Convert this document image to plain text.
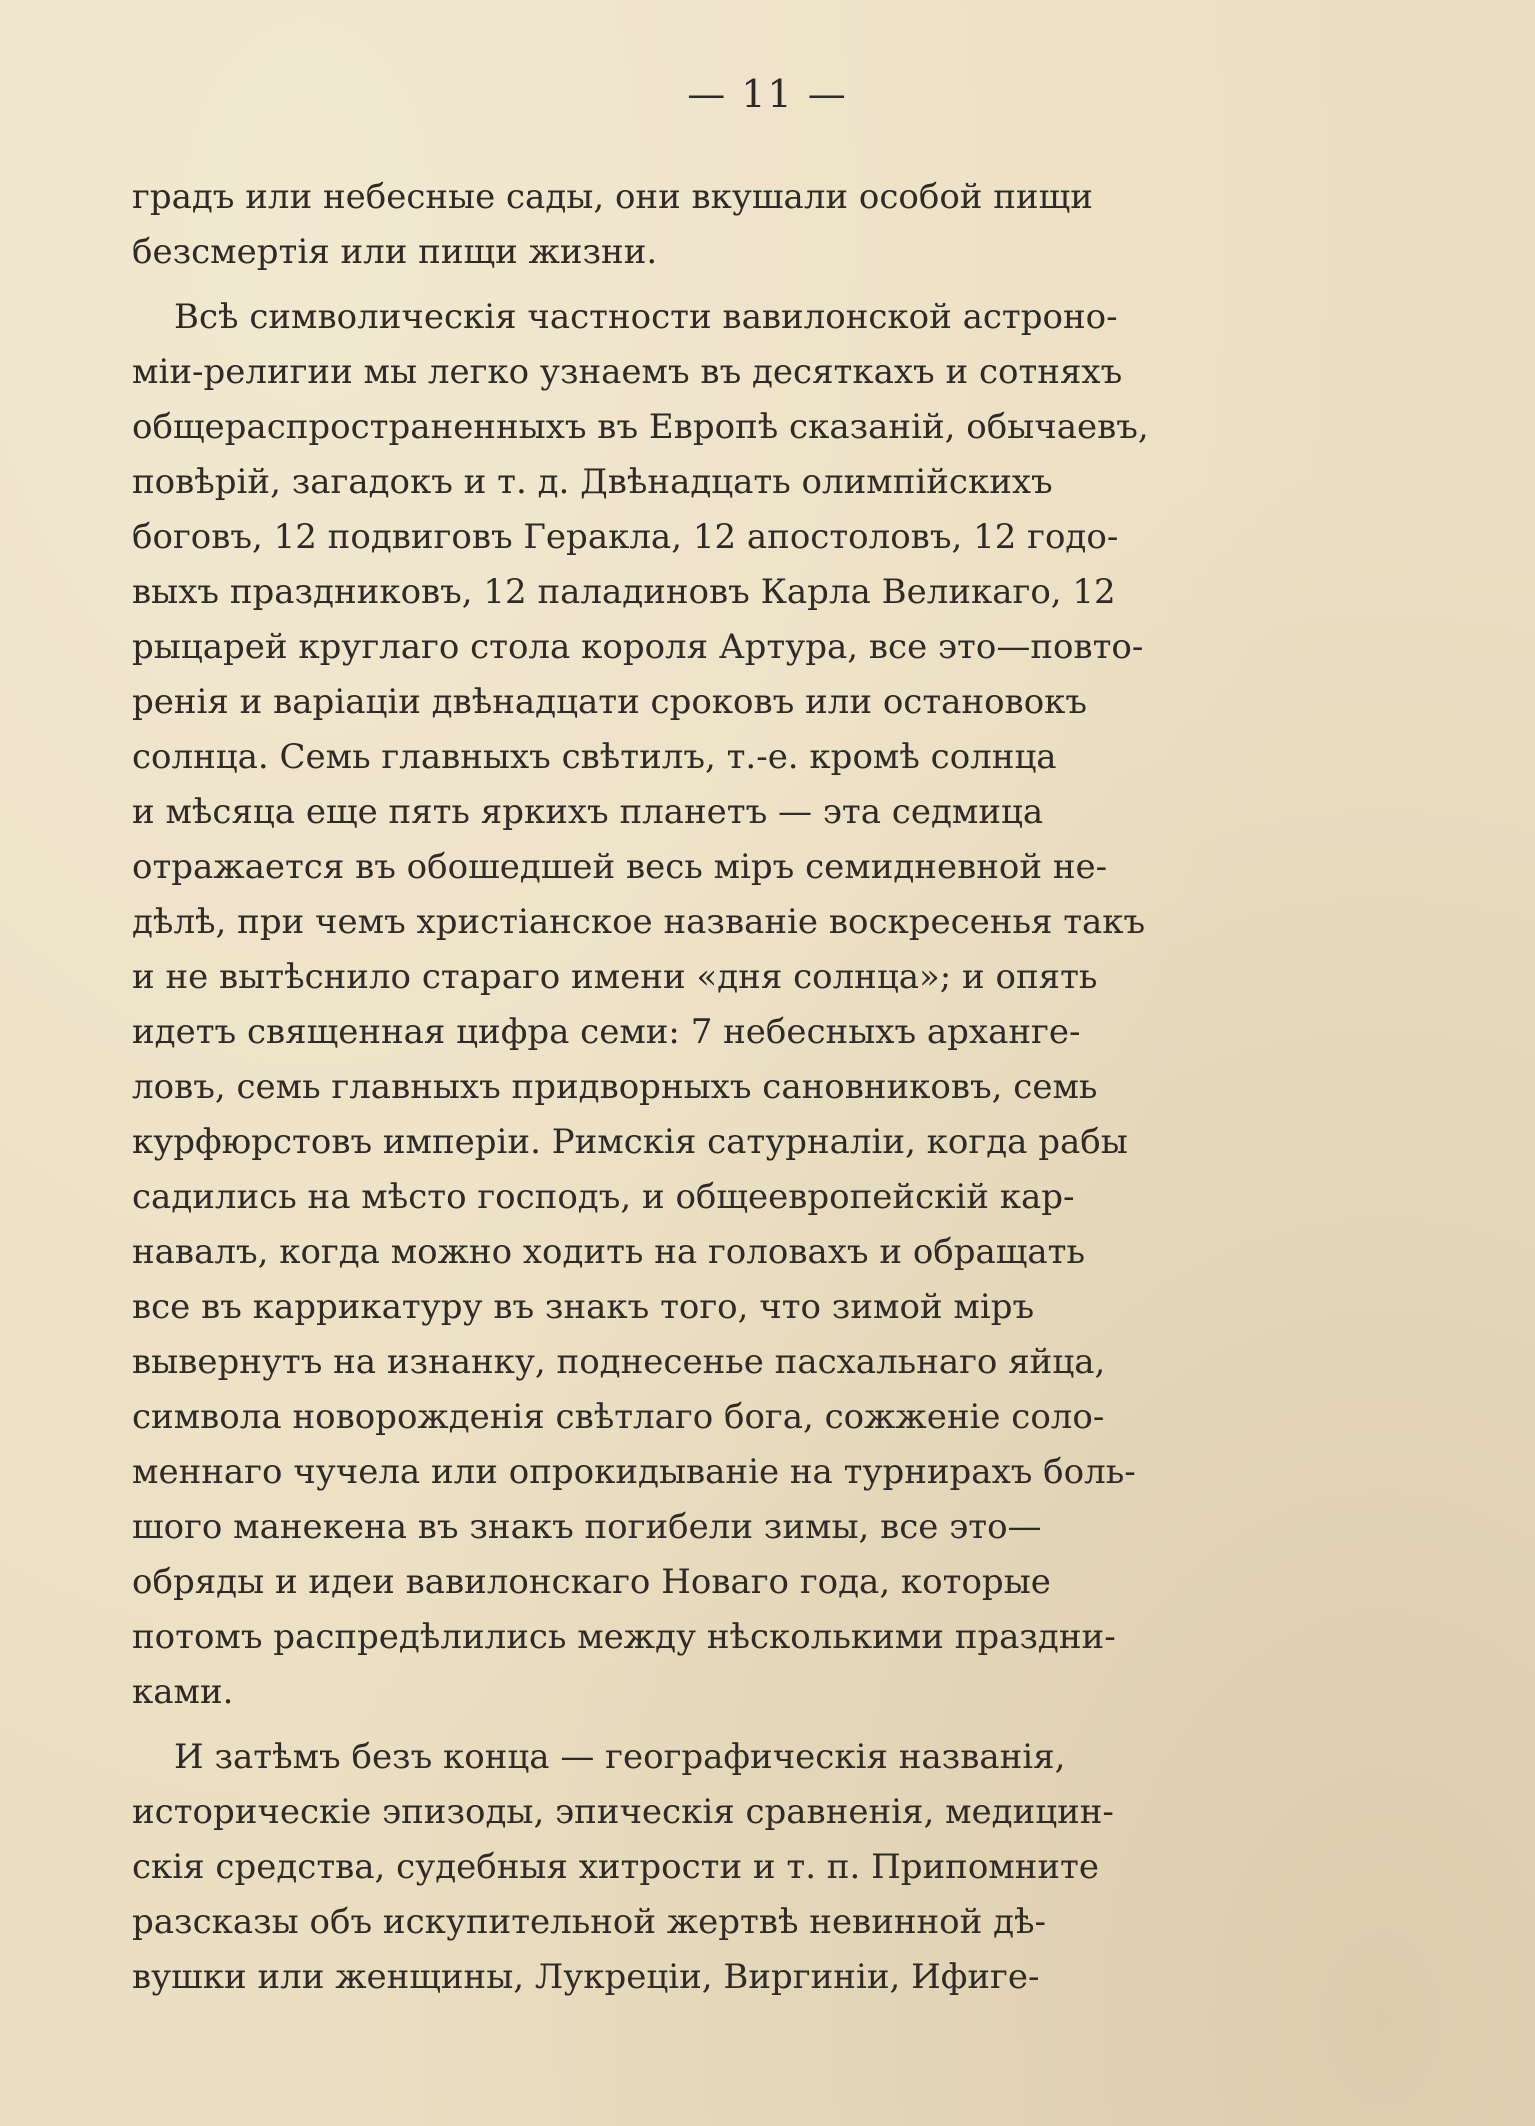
— 11 —
градъ или небесные сады, они вкушали особой пищи
безсмертія или пищи жизни.
Всѣ символическія частности вавилонской астроно-
міи-религии мы легко узнаемъ въ десяткахъ и сотняхъ
общераспространенныхъ въ Европѣ сказаній, обычаевъ,
повѣрій, загадокъ и т. д. Двѣнадцать олимпійскихъ
боговъ, 12 подвиговъ Геракла, 12 апостоловъ, 12 годо-
выхъ праздниковъ, 12 паладиновъ Карла Великаго, 12
рыцарей круглаго стола короля Артура, все это—повто-
ренія и варіацiи двѣнадцати сроковъ или остановокъ
солнца. Семь главныхъ свѣтилъ, т.-е. кромѣ солнца
и мѣсяца еще пять яркихъ планетъ — эта седмица
отражается въ обошедшей весь міръ семидневной не-
дѣлѣ, при чемъ христіанское названіе воскресенья такъ
и не вытѣснило стараго имени «дня солнца»; и опять
идетъ священная цифра семи: 7 небесныхъ арханге-
ловъ, семь главныхъ придворныхъ сановниковъ, семь
курфюрстовъ имперіи. Римскія сатурналіи, когда рабы
садились на мѣсто господъ, и общеевропейскій кар-
навалъ, когда можно ходить на головахъ и обращать
все въ каррикатуру въ знакъ того, что зимой міръ
вывернутъ на изнанку, поднесенье пасхальнаго яйца,
символа новорожденія свѣтлаго бога, сожженіе соло-
меннаго чучела или опрокидываніе на турнирахъ боль-
шого манекена въ знакъ погибели зимы, все это—
обряды и идеи вавилонскаго Новаго года, которые
потомъ распредѣлились между нѣсколькими праздни-
ками.
И затѣмъ безъ конца — географическія названія,
историческіе эпизоды, эпическія сравненія, медицин-
скія средства, судебныя хитрости и т. п. Припомните
разсказы объ искупительной жертвѣ невинной дѣ-
вушки или женщины, Лукреціи, Виргиніи, Ифиге-
